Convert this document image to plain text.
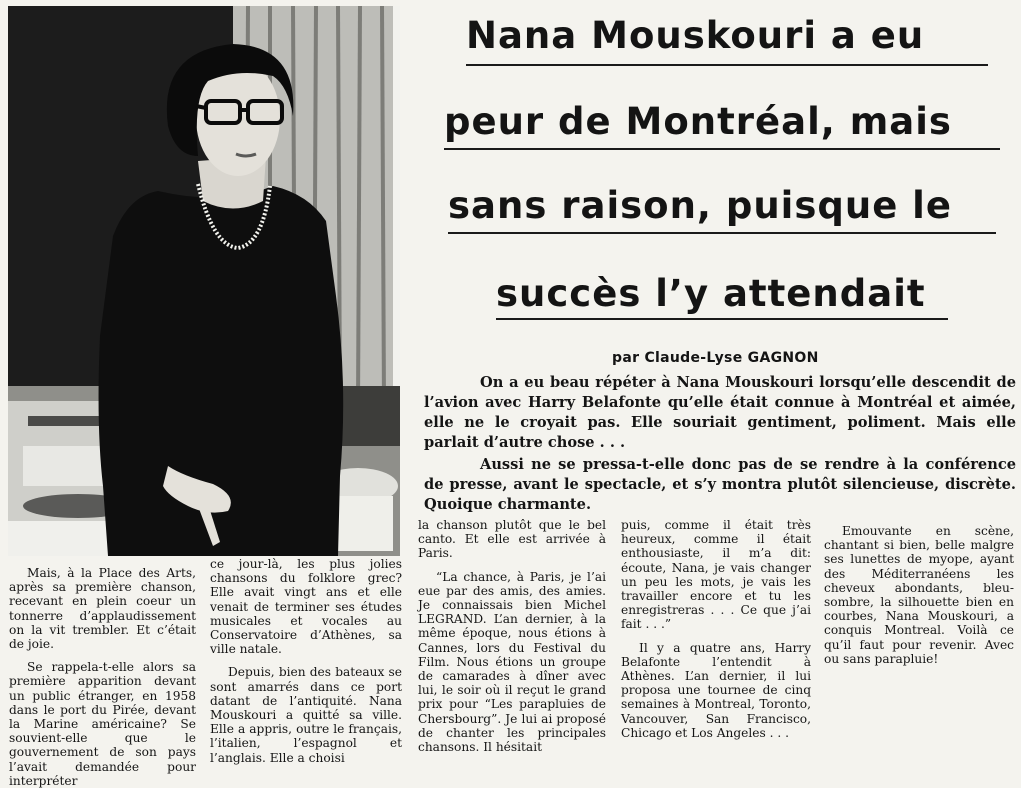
Nana Mouskouri a eu
peur de Montréal, mais
sans raison, puisque le
succès l’y attendait
par Claude-Lyse GAGNON

On a eu beau répéter à Nana Mouskouri lorsqu’elle descendit de l’avion avec Harry Belafonte qu’elle était connue à Montréal et aimée, elle ne le croyait pas. Elle souriait gentiment, poliment. Mais elle parlait d’autre chose . . .

Aussi ne se pressa-t-elle donc pas de se rendre à la conférence de presse, avant le spectacle, et s’y montra plutôt silencieuse, discrète. Quoique charmante.

Mais, à la Place des Arts, après sa première chanson, recevant en plein coeur un tonnerre d’applaudissement on la vit trembler. Et c’était de joie.

Se rappela-t-elle alors sa première apparition devant un public étranger, en 1958 dans le port du Pirée, devant la Marine américaine? Se souvient-elle que le gouvernement de son pays l’avait demandée pour interpréter

ce jour-là, les plus jolies chansons du folklore grec? Elle avait vingt ans et elle venait de terminer ses études musicales et vocales au Conservatoire d’Athènes, sa ville natale.

Depuis, bien des bateaux se sont amarrés dans ce port datant de l’antiquité. Nana Mouskouri a quitté sa ville. Elle a appris, outre le français, l’italien, l’espagnol et l’anglais. Elle a choisi

la chanson plutôt que le bel canto. Et elle est arrivée à Paris.

“La chance, à Paris, je l’ai eue par des amis, des amies. Je connaissais bien Michel LEGRAND. L’an dernier, à la même époque, nous étions à Cannes, lors du Festival du Film. Nous étions un groupe de camarades à dîner avec lui, le soir où il reçut le grand prix pour “Les parapluies de Chersbourg”. Je lui ai proposé de chanter les principales chansons. Il hésitait

puis, comme il était très heureux, comme il était enthousiaste, il m’a dit: écoute, Nana, je vais changer un peu les mots, je vais les travailler encore et tu les enregistreras . . . Ce que j’ai fait . . .”

Il y a quatre ans, Harry Belafonte l’entendit à Athènes. L’an dernier, il lui proposa une tournee de cinq semaines à Montreal, Toronto, Vancouver, San Francisco, Chicago et Los Angeles . . .

Emouvante en scène, chantant si bien, belle malgre ses lunettes de myope, ayant des Méditerranéens les cheveux abondants, bleu-sombre, la silhouette bien en courbes, Nana Mouskouri, a conquis Montreal. Voilà ce qu’il faut pour revenir. Avec ou sans parapluie!
